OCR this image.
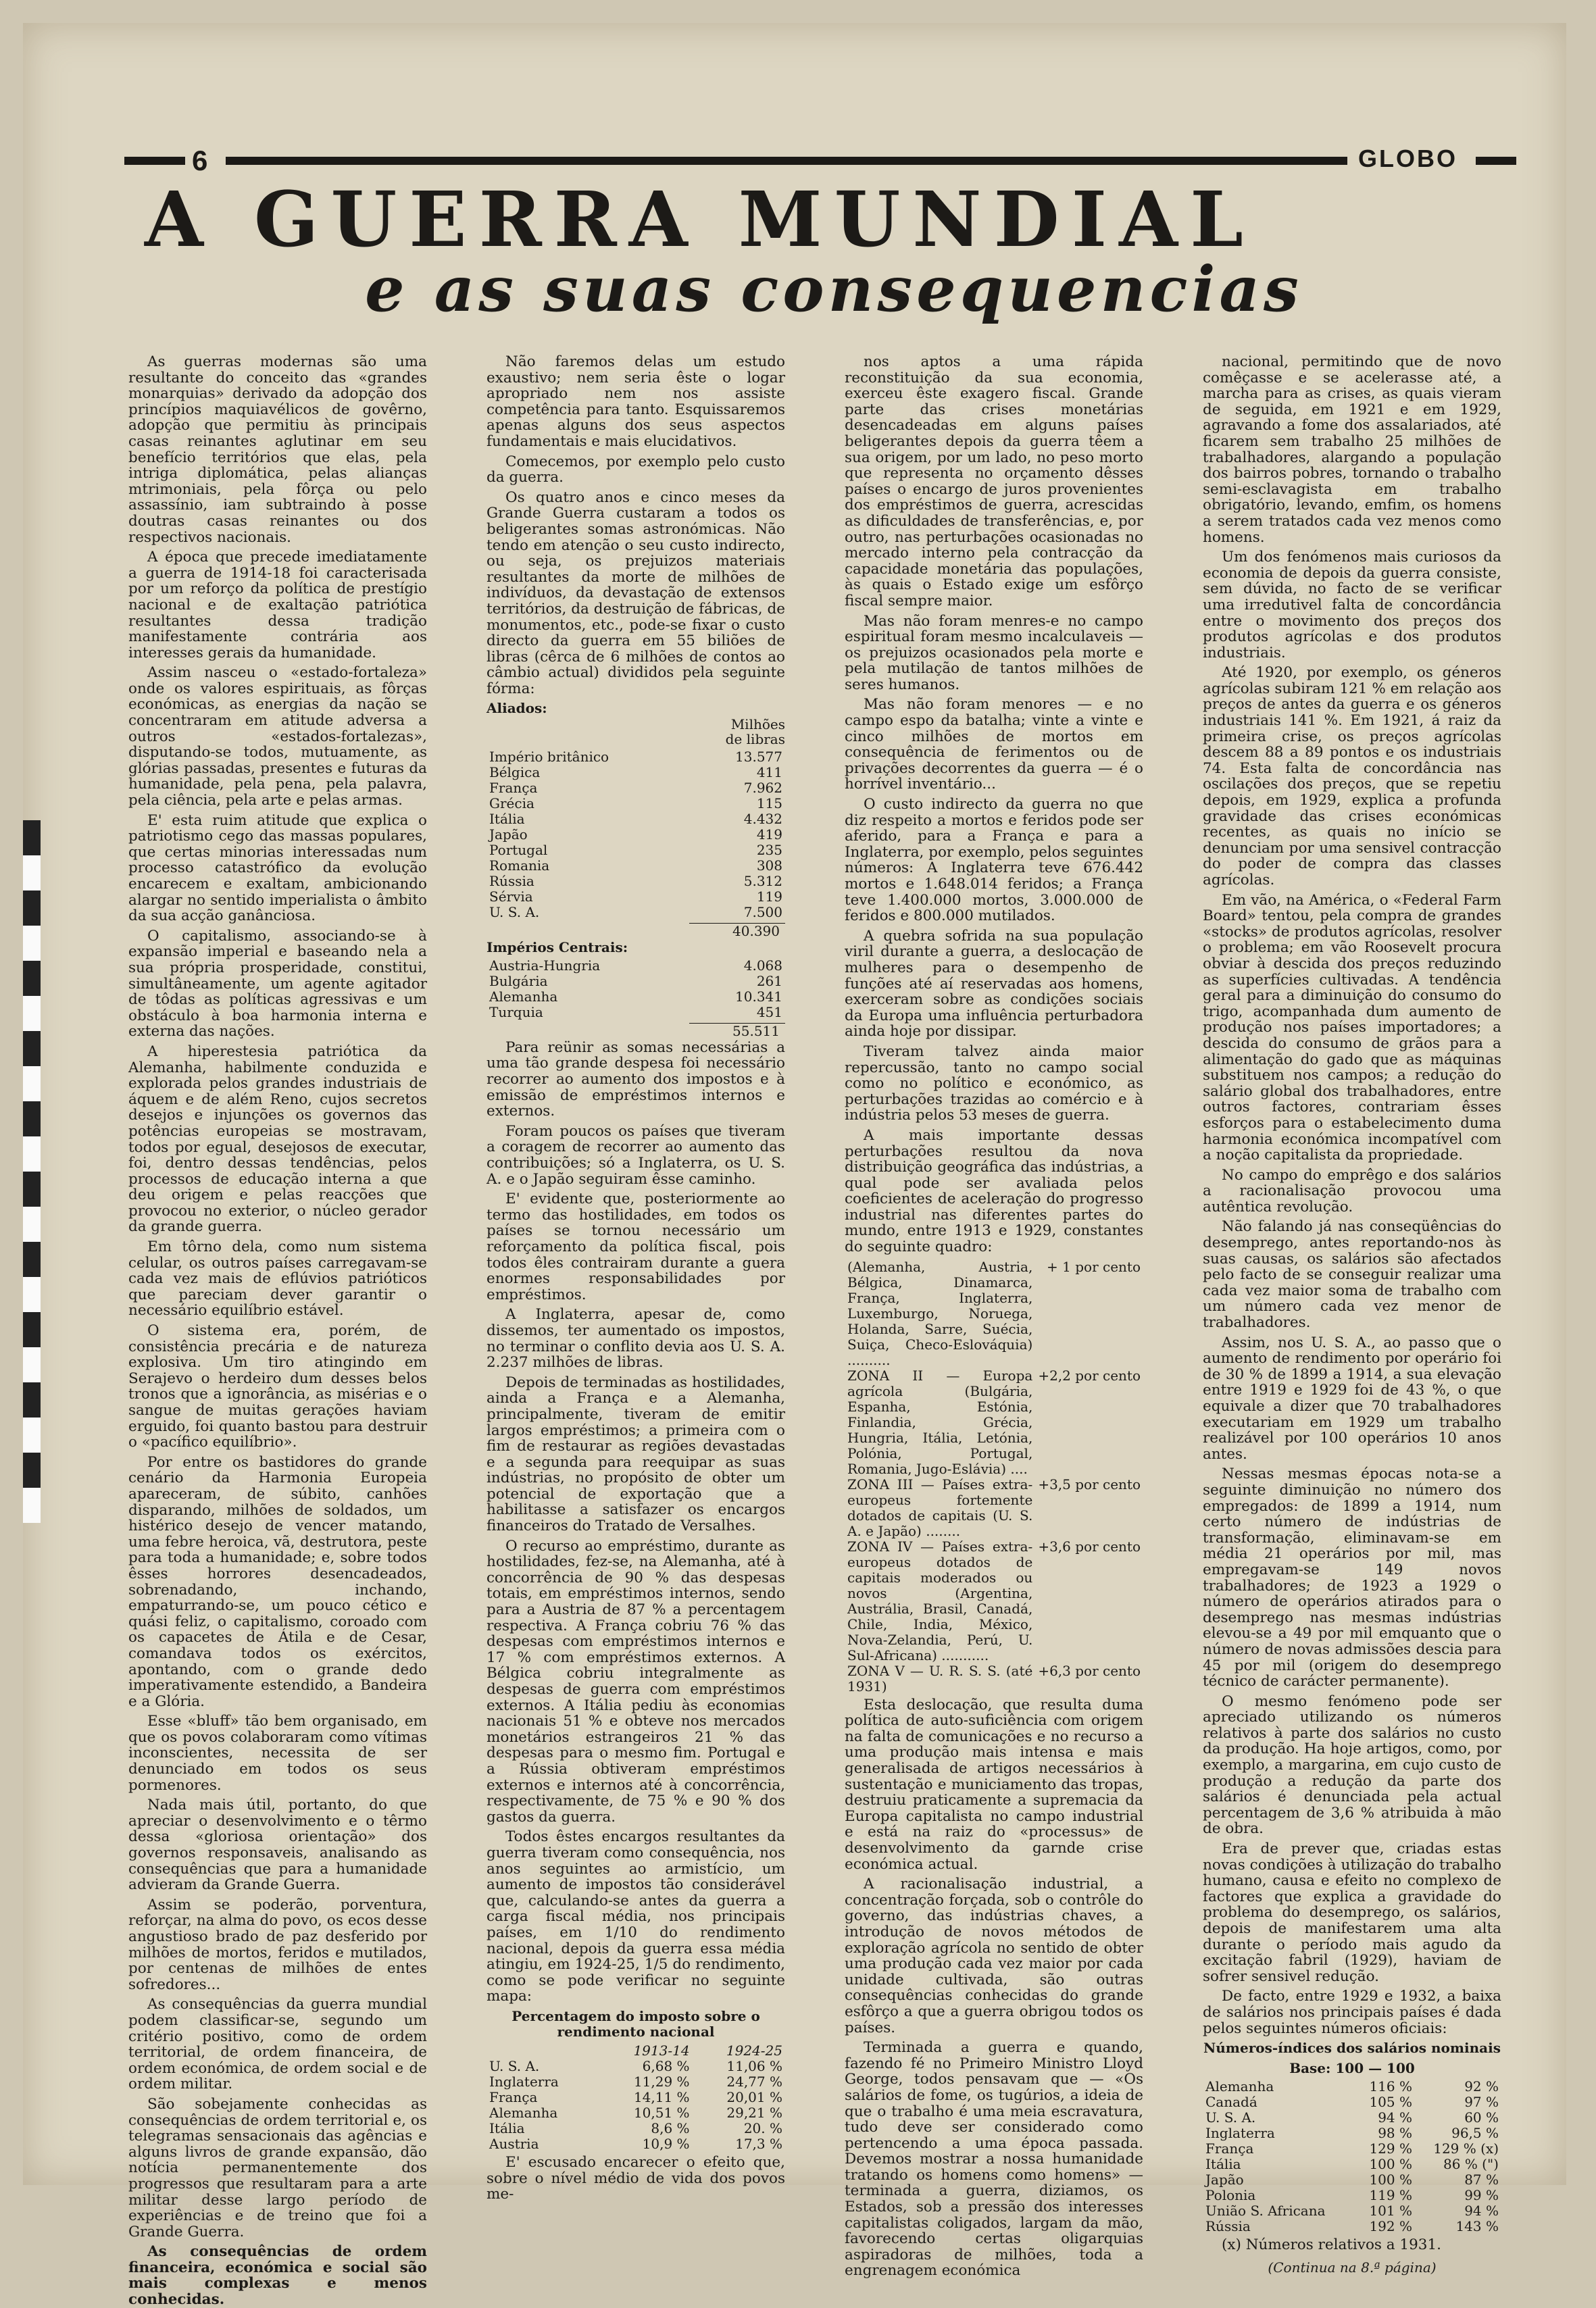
6	GLOBO
A GUERRA MUNDIAL
e as suas consequencias

As guerras modernas são uma resultante do conceito das «grandes monarquias» derivado da adopção dos princípios maquiavélicos de govêrno, adopção que permitiu às principais casas reinantes aglutinar em seu benefício territórios que elas, pela intriga diplomática, pelas alianças mtrimoniais, pela fôrça ou pelo assassínio, iam subtraindo à posse doutras casas reinantes ou dos respectivos nacionais.

A época que precede imediatamente a guerra de 1914-18 foi caracterisada por um reforço da política de prestígio nacional e de exaltação patriótica resultantes dessa tradição manifestamente contrária aos interesses gerais da humanidade.

Assim nasceu o «estado-fortaleza» onde os valores espirituais, as fôrças económicas, as energias da nação se concentraram em atitude adversa a outros «estados-fortalezas», disputando-se todos, mutuamente, as glórias passadas, presentes e futuras da humanidade, pela pena, pela palavra, pela ciência, pela arte e pelas armas.

E' esta ruim atitude que explica o patriotismo cego das massas populares, que certas minorias interessadas num processo catastrófico da evolução encarecem e exaltam, ambicionando alargar no sentido imperialista o âmbito da sua acção ganânciosa.

O capitalismo, associando-se à expansão imperial e baseando nela a sua própria prosperidade, constitui, simultâneamente, um agente agitador de tôdas as políticas agressivas e um obstáculo à boa harmonia interna e externa das nações.

A hiperestesia patriótica da Alemanha, habilmente conduzida e explorada pelos grandes industriais de áquem e de além Reno, cujos secretos desejos e injunções os governos das potências europeias se mostravam, todos por egual, desejosos de executar, foi, dentro dessas tendências, pelos processos de educação interna a que deu origem e pelas reacções que provocou no exterior, o núcleo gerador da grande guerra.

Em tôrno dela, como num sistema celular, os outros países carregavam-se cada vez mais de eflúvios patrióticos que pareciam dever garantir o necessário equilíbrio estável.

O sistema era, porém, de consistência precária e de natureza explosiva. Um tiro atingindo em Serajevo o herdeiro dum desses belos tronos que a ignorância, as misérias e o sangue de muitas gerações haviam erguido, foi quanto bastou para destruir o «pacífico equilíbrio».

Por entre os bastidores do grande cenário da Harmonia Europeia apareceram, de súbito, canhões disparando, milhões de soldados, um histérico desejo de vencer matando, uma febre heroica, vã, destrutora, peste para toda a humanidade; e, sobre todos êsses horrores desencadeados, sobrenadando, inchando, empaturrando-se, um pouco cético e quási feliz, o capitalismo, coroado com os capacetes de Átila e de Cesar, comandava todos os exércitos, apontando, com o grande dedo imperativamente estendido, a Bandeira e a Glória.

Esse «bluff» tão bem organisado, em que os povos colaboraram como vítimas inconscientes, necessita de ser denunciado em todos os seus pormenores.

Nada mais útil, portanto, do que apreciar o desenvolvimento e o têrmo dessa «gloriosa orientação» dos governos responsaveis, analisando as consequências que para a humanidade advieram da Grande Guerra.

Assim se poderão, porventura, reforçar, na alma do povo, os ecos desse angustioso brado de paz desferido por milhões de mortos, feridos e mutilados, por centenas de milhões de entes sofredores...

As consequências da guerra mundial podem classificar-se, segundo um critério positivo, como de ordem territorial, de ordem financeira, de ordem económica, de ordem social e de ordem militar.

São sobejamente conhecidas as consequências de ordem territorial e, os telegramas sensacionais das agências e alguns livros de grande expansão, dão notícia permanentemente dos progressos que resultaram para a arte militar desse largo período de experiências e de treino que foi a Grande Guerra.

As consequências de ordem financeira, económica e social são mais complexas e menos conhecidas.

Não faremos delas um estudo exaustivo; nem seria êste o logar apropriado nem nos assiste competência para tanto. Esquissaremos apenas alguns dos seus aspectos fundamentais e mais elucidativos.

Comecemos, por exemplo pelo custo da guerra.

Os quatro anos e cinco meses da Grande Guerra custaram a todos os beligerantes somas astronómicas. Não tendo em atenção o seu custo indirecto, ou seja, os prejuizos materiais resultantes da morte de milhões de indivíduos, da devastação de extensos territórios, da destruição de fábricas, de monumentos, etc., pode-se fixar o custo directo da guerra em 55 biliões de libras (cêrca de 6 milhões de contos ao câmbio actual) divididos pela seguinte fórma:

Aliados:
Milhões
de libras
Império britânico	13.577
Bélgica	411
França	7.962
Grécia	115
Itália	4.432
Japão	419
Portugal	235
Romania	308
Rússia	5.312
Sérvia	119
U. S. A.	7.500
40.390
Impérios Centrais:
Austria-Hungria	4.068
Bulgária	261
Alemanha	10.341
Turquia	451
55.511

Para reünir as somas necessárias a uma tão grande despesa foi necessário recorrer ao aumento dos impostos e à emissão de empréstimos internos e externos.

Foram poucos os países que tiveram a coragem de recorrer ao aumento das contribuições; só a Inglaterra, os U. S. A. e o Japão seguiram êsse caminho.

E' evidente que, posteriormente ao termo das hostilidades, em todos os países se tornou necessário um reforçamento da política fiscal, pois todos êles contrairam durante a guera enormes responsabilidades por empréstimos.

A Inglaterra, apesar de, como dissemos, ter aumentado os impostos, no terminar o conflito devia aos U. S. A. 2.237 milhões de libras.

Depois de terminadas as hostilidades, ainda a França e a Alemanha, principalmente, tiveram de emitir largos empréstimos; a primeira com o fim de restaurar as regiões devastadas e a segunda para reequipar as suas indústrias, no propósito de obter um potencial de exportação que a habilitasse a satisfazer os encargos financeiros do Tratado de Versalhes.

O recurso ao empréstimo, durante as hostilidades, fez-se, na Alemanha, até à concorrência de 90 % das despesas totais, em empréstimos internos, sendo para a Austria de 87 % a percentagem respectiva. A França cobriu 76 % das despesas com empréstimos internos e 17 % com empréstimos externos. A Bélgica cobriu integralmente as despesas de guerra com empréstimos externos. A Itália pediu às economias nacionais 51 % e obteve nos mercados monetários estrangeiros 21 % das despesas para o mesmo fim. Portugal e a Rússia obtiveram empréstimos externos e internos até à concorrência, respectivamente, de 75 % e 90 % dos gastos da guerra.

Todos êstes encargos resultantes da guerra tiveram como consequência, nos anos seguintes ao armistício, um aumento de impostos tão considerável que, calculando-se antes da guerra a carga fiscal média, nos principais países, em 1/10 do rendimento nacional, depois da guerra essa média atingiu, em 1924-25, 1/5 do rendimento, como se pode verificar no seguinte mapa:

Percentagem do imposto sobre o rendimento nacional
	1913-14	1924-25
U. S. A.	6,68 %	11,06 %
Inglaterra	11,29 %	24,77 %
França	14,11 %	20,01 %
Alemanha	10,51 %	29,21 %
Itália	8,6 %	20. %
Austria	10,9 %	17,3 %

E' escusado encarecer o efeito que, sobre o nível médio de vida dos povos me-

nos aptos a uma rápida reconstituição da sua economia, exerceu êste exagero fiscal. Grande parte das crises monetárias desencadeadas em alguns países beligerantes depois da guerra têem a sua origem, por um lado, no peso morto que representa no orçamento dêsses países o encargo de juros provenientes dos empréstimos de guerra, acrescidas as dificuldades de transferências, e, por outro, nas perturbações ocasionadas no mercado interno pela contracção da capacidade monetária das populações, às quais o Estado exige um esfôrço fiscal sempre maior.

Mas não foram menres-e no campo espiritual foram mesmo incalculaveis — os prejuizos ocasionados pela morte e pela mutilação de tantos milhões de seres humanos.

Mas não foram menores — e no campo espo da batalha; vinte a vinte e cinco milhões de mortos em consequência de ferimentos ou de privações decorrentes da guerra — é o horrível inventário...

O custo indirecto da guerra no que diz respeito a mortos e feridos pode ser aferido, para a França e para a Inglaterra, por exemplo, pelos seguintes números: A Inglaterra teve 676.442 mortos e 1.648.014 feridos; a França teve 1.400.000 mortos, 3.000.000 de feridos e 800.000 mutilados.

A quebra sofrida na sua população viril durante a guerra, a deslocação de mulheres para o desempenho de funções até aí reservadas aos homens, exerceram sobre as condições sociais da Europa uma influência perturbadora ainda hoje por dissipar.

Tiveram talvez ainda maior repercussão, tanto no campo social como no político e económico, as perturbações trazidas ao comércio e à indústria pelos 53 meses de guerra.

A mais importante dessas perturbações resultou da nova distribuição geográfica das indústrias, a qual pode ser avaliada pelos coeficientes de aceleração do progresso industrial nas diferentes partes do mundo, entre 1913 e 1929, constantes do seguinte quadro:

(Alemanha, Austria, Bélgica, Dinamarca, França, Inglaterra, Luxemburgo, Noruega, Holanda, Sarre, Suécia, Suiça, Checo-Eslováquia) ..........	+ 1 por cento
ZONA II — Europa agrícola (Bulgária, Espanha, Estónia, Finlandia, Grécia, Hungria, Itália, Letónia, Polónia, Portugal, Romania, Jugo-Eslávia) ....	+2,2 por cento
ZONA III — Países extra-europeus fortemente dotados de capitais (U. S. A. e Japão) ........	+3,5 por cento
ZONA IV — Países extra-europeus dotados de capitais moderados ou novos (Argentina, Austrália, Brasil, Canadá, Chile, India, México, Nova-Zelandia, Perú, U. Sul-Africana) ...........	+3,6 por cento
ZONA V — U. R. S. S. (até 1931)	+6,3 por cento

Esta deslocação, que resulta duma política de auto-suficiência com origem na falta de comunicações e no recurso a uma produção mais intensa e mais generalisada de artigos necessários à sustentação e municiamento das tropas, destruiu praticamente a supremacia da Europa capitalista no campo industrial e está na raiz do «processus» de desenvolvimento da garnde crise económica actual.

A racionalisação industrial, a concentração forçada, sob o contrôle do governo, das indústrias chaves, a introdução de novos métodos de exploração agrícola no sentido de obter uma produção cada vez maior por cada unidade cultivada, são outras consequências conhecidas do grande esfôrço a que a guerra obrigou todos os países.

Terminada a guerra e quando, fazendo fé no Primeiro Ministro Lloyd George, todos pensavam que — «Os salários de fome, os tugúrios, a ideia de que o trabalho é uma meia escravatura, tudo deve ser considerado como pertencendo a uma época passada. Devemos mostrar a nossa humanidade tratando os homens como homens» — terminada a guerra, diziamos, os Estados, sob a pressão dos interesses capitalistas coligados, largam da mão, favorecendo certas oligarquias aspiradoras de milhões, toda a engrenagem económica

nacional, permitindo que de novo comêçasse e se acelerasse até, a marcha para as crises, as quais vieram de seguida, em 1921 e em 1929, agravando a fome dos assalariados, até ficarem sem trabalho 25 milhões de trabalhadores, alargando a população dos bairros pobres, tornando o trabalho semi-esclavagista em trabalho obrigatório, levando, emfim, os homens a serem tratados cada vez menos como homens.

Um dos fenómenos mais curiosos da economia de depois da guerra consiste, sem dúvida, no facto de se verificar uma irredutivel falta de concordância entre o movimento dos preços dos produtos agrícolas e dos produtos industriais.

Até 1920, por exemplo, os géneros agrícolas subiram 121 % em relação aos preços de antes da guerra e os géneros industriais 141 %. Em 1921, á raiz da primeira crise, os preços agrícolas descem 88 a 89 pontos e os industriais 74. Esta falta de concordância nas oscilações dos preços, que se repetiu depois, em 1929, explica a profunda gravidade das crises económicas recentes, as quais no início se denunciam por uma sensivel contracção do poder de compra das classes agrícolas.

Em vão, na América, o «Federal Farm Board» tentou, pela compra de grandes «stocks» de produtos agrícolas, resolver o problema; em vão Roosevelt procura obviar à descida dos preços reduzindo as superfícies cultivadas. A tendência geral para a diminuição do consumo do trigo, acompanhada dum aumento de produção nos países importadores; a descida do consumo de grãos para a alimentação do gado que as máquinas substituem nos campos; a redução do salário global dos trabalhadores, entre outros factores, contrariam êsses esforços para o estabelecimento duma harmonia económica incompatível com a noção capitalista da propriedade.

No campo do emprêgo e dos salários a racionalisação provocou uma autêntica revolução.

Não falando já nas conseqüências do desemprego, antes reportando-nos às suas causas, os salários são afectados pelo facto de se conseguir realizar uma cada vez maior soma de trabalho com um número cada vez menor de trabalhadores.

Assim, nos U. S. A., ao passo que o aumento de rendimento por operário foi de 30 % de 1899 a 1914, a sua elevação entre 1919 e 1929 foi de 43 %, o que equivale a dizer que 70 trabalhadores executariam em 1929 um trabalho realizável por 100 operários 10 anos antes.

Nessas mesmas épocas nota-se a seguinte diminuição no número dos empregados: de 1899 a 1914, num certo número de indústrias de transformação, eliminavam-se em média 21 operários por mil, mas empregavam-se 149 novos trabalhadores; de 1923 a 1929 o número de operários atirados para o desemprego nas mesmas indústrias elevou-se a 49 por mil emquanto que o número de novas admissões descia para 45 por mil (origem do desemprego técnico de carácter permanente).

O mesmo fenómeno pode ser apreciado utilizando os números relativos à parte dos salários no custo da produção. Ha hoje artigos, como, por exemplo, a margarina, em cujo custo de produção a redução da parte dos salários é denunciada pela actual percentagem de 3,6 % atribuida à mão de obra.

Era de prever que, criadas estas novas condições à utilização do trabalho humano, causa e efeito no complexo de factores que explica a gravidade do problema do desemprego, os salários, depois de manifestarem uma alta durante o período mais agudo da excitação fabril (1929), haviam de sofrer sensivel redução.

De facto, entre 1929 e 1932, a baixa de salários nos principais países é dada pelos seguintes números oficiais:

Números-índices dos salários nominais
Base: 100 — 100
Alemanha	116 %	92 %
Canadá	105 %	97 %
U. S. A.	94 %	60 %
Inglaterra	98 %	96,5 %
França	129 %	129 % (x)
Itália	100 %	86 % (")
Japão	100 %	87 %
Polonia	119 %	99 %
União S. Africana	101 %	94 %
Rússia	192 %	143 %

(x) Números relativos a 1931.

(Continua na 8.ª página)
